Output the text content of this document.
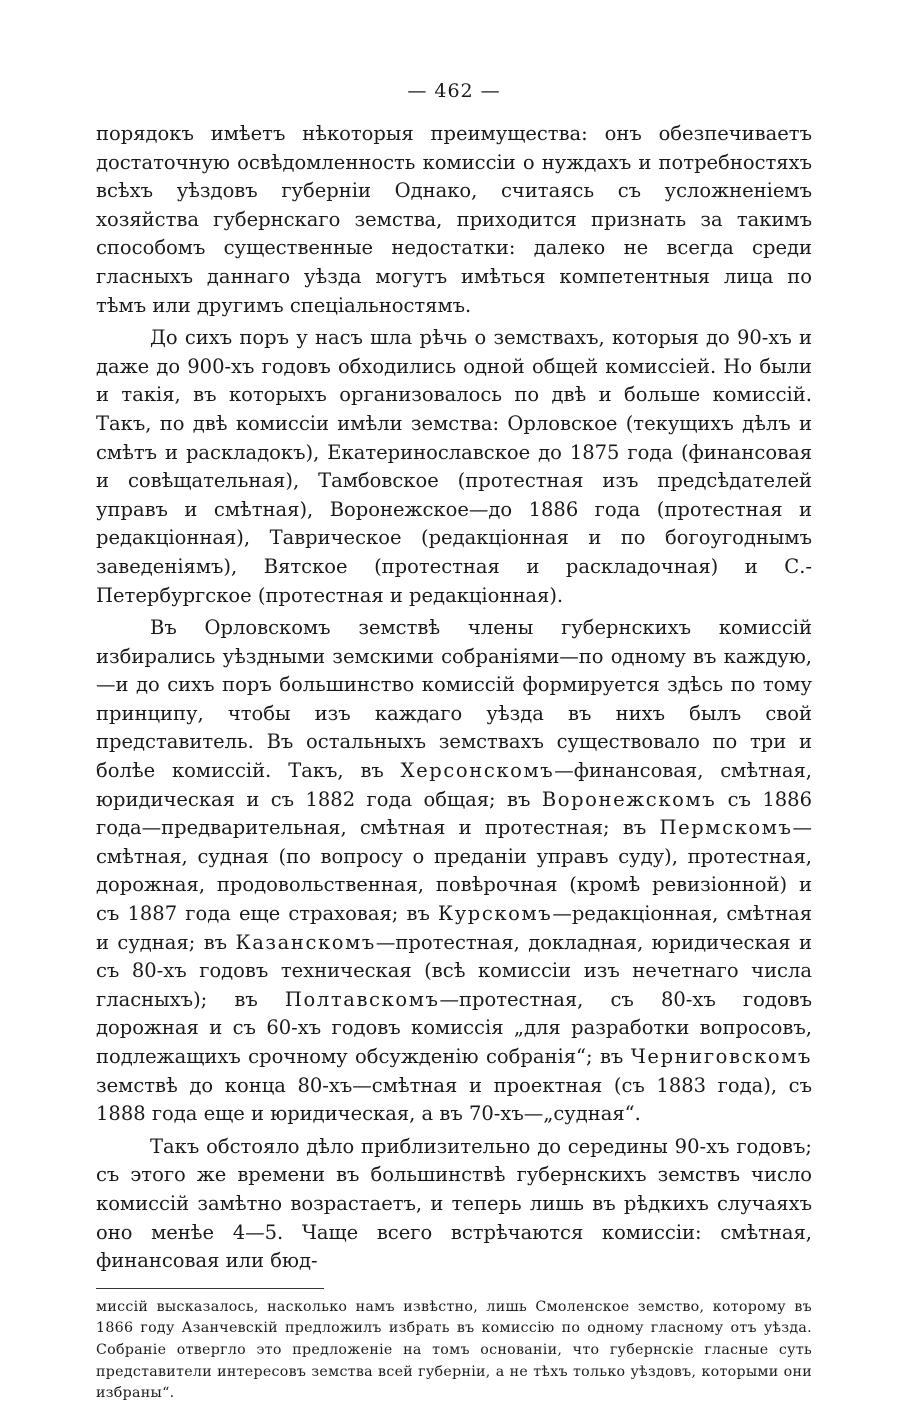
— 462 —

порядокъ имѣетъ нѣкоторыя преимущества: онъ обезпечиваетъ достаточную освѣдомленность комиссіи о нуждахъ и потребностяхъ всѣхъ уѣздовъ губерніи Однако, считаясь съ усложненіемъ хозяйства губернскаго земства, приходится признать за такимъ способомъ существенные недостатки: далеко не всегда среди гласныхъ даннаго уѣзда могутъ имѣться компетентныя лица по тѣмъ или другимъ спеціальностямъ.

До сихъ поръ у насъ шла рѣчь о земствахъ, которыя до 90-хъ и даже до 900-хъ годовъ обходились одной общей комиссіей. Но были и такія, въ которыхъ организовалось по двѣ и больше комиссій. Такъ, по двѣ комиссіи имѣли земства: Орловское (текущихъ дѣлъ и смѣтъ и раскладокъ), Екатеринославское до 1875 года (финансовая и совѣщательная), Тамбовское (протестная изъ предсѣдателей управъ и смѣтная), Воронежское—до 1886 года (протестная и редакціонная), Таврическое (редакціонная и по богоугоднымъ заведеніямъ), Вятское (протестная и раскладочная) и С.-Петербургское (протестная и редакціонная).

Въ Орловскомъ земствѣ члены губернскихъ комиссій избирались уѣздными земскими собраніями—по одному въ каждую,—и до сихъ поръ большинство комиссій формируется здѣсь по тому принципу, чтобы изъ каждаго уѣзда въ нихъ былъ свой представитель. Въ остальныхъ земствахъ существовало по три и болѣе комиссій. Такъ, въ Херсонскомъ—финансовая, смѣтная, юридическая и съ 1882 года общая; въ Воронежскомъ съ 1886 года—предварительная, смѣтная и протестная; въ Пермскомъ—смѣтная, судная (по вопросу о преданіи управъ суду), протестная, дорожная, продовольственная, повѣрочная (кромѣ ревизіонной) и съ 1887 года еще страховая; въ Курскомъ—редакціонная, смѣтная и судная; въ Казанскомъ—протестная, докладная, юридическая и съ 80-хъ годовъ техническая (всѣ комиссіи изъ нечетнаго числа гласныхъ); въ Полтавскомъ—протестная, съ 80-хъ годовъ дорожная и съ 60-хъ годовъ комиссія „для разработки вопросовъ, подлежащихъ срочному обсужденію собранія“; въ Черниговскомъ земствѣ до конца 80-хъ—смѣтная и проектная (съ 1883 года), съ 1888 года еще и юридическая, а въ 70-хъ—„судная“.

Такъ обстояло дѣло приблизительно до середины 90-хъ годовъ; съ этого же времени въ большинствѣ губернскихъ земствъ число комиссій замѣтно возрастаетъ, и теперь лишь въ рѣдкихъ случаяхъ оно менѣе 4—5. Чаще всего встрѣчаются комиссіи: смѣтная, финансовая или бюд-

миссій высказалось, насколько намъ извѣстно, лишь Смоленское земство, которому въ 1866 году Азанчевскій предложилъ избрать въ комиссію по одному гласному отъ уѣзда. Собраніе отвергло это предложеніе на томъ основаніи, что губернскіе гласные суть представители интересовъ земства всей губерніи, а не тѣхъ только уѣздовъ, которыми они избраны“.
